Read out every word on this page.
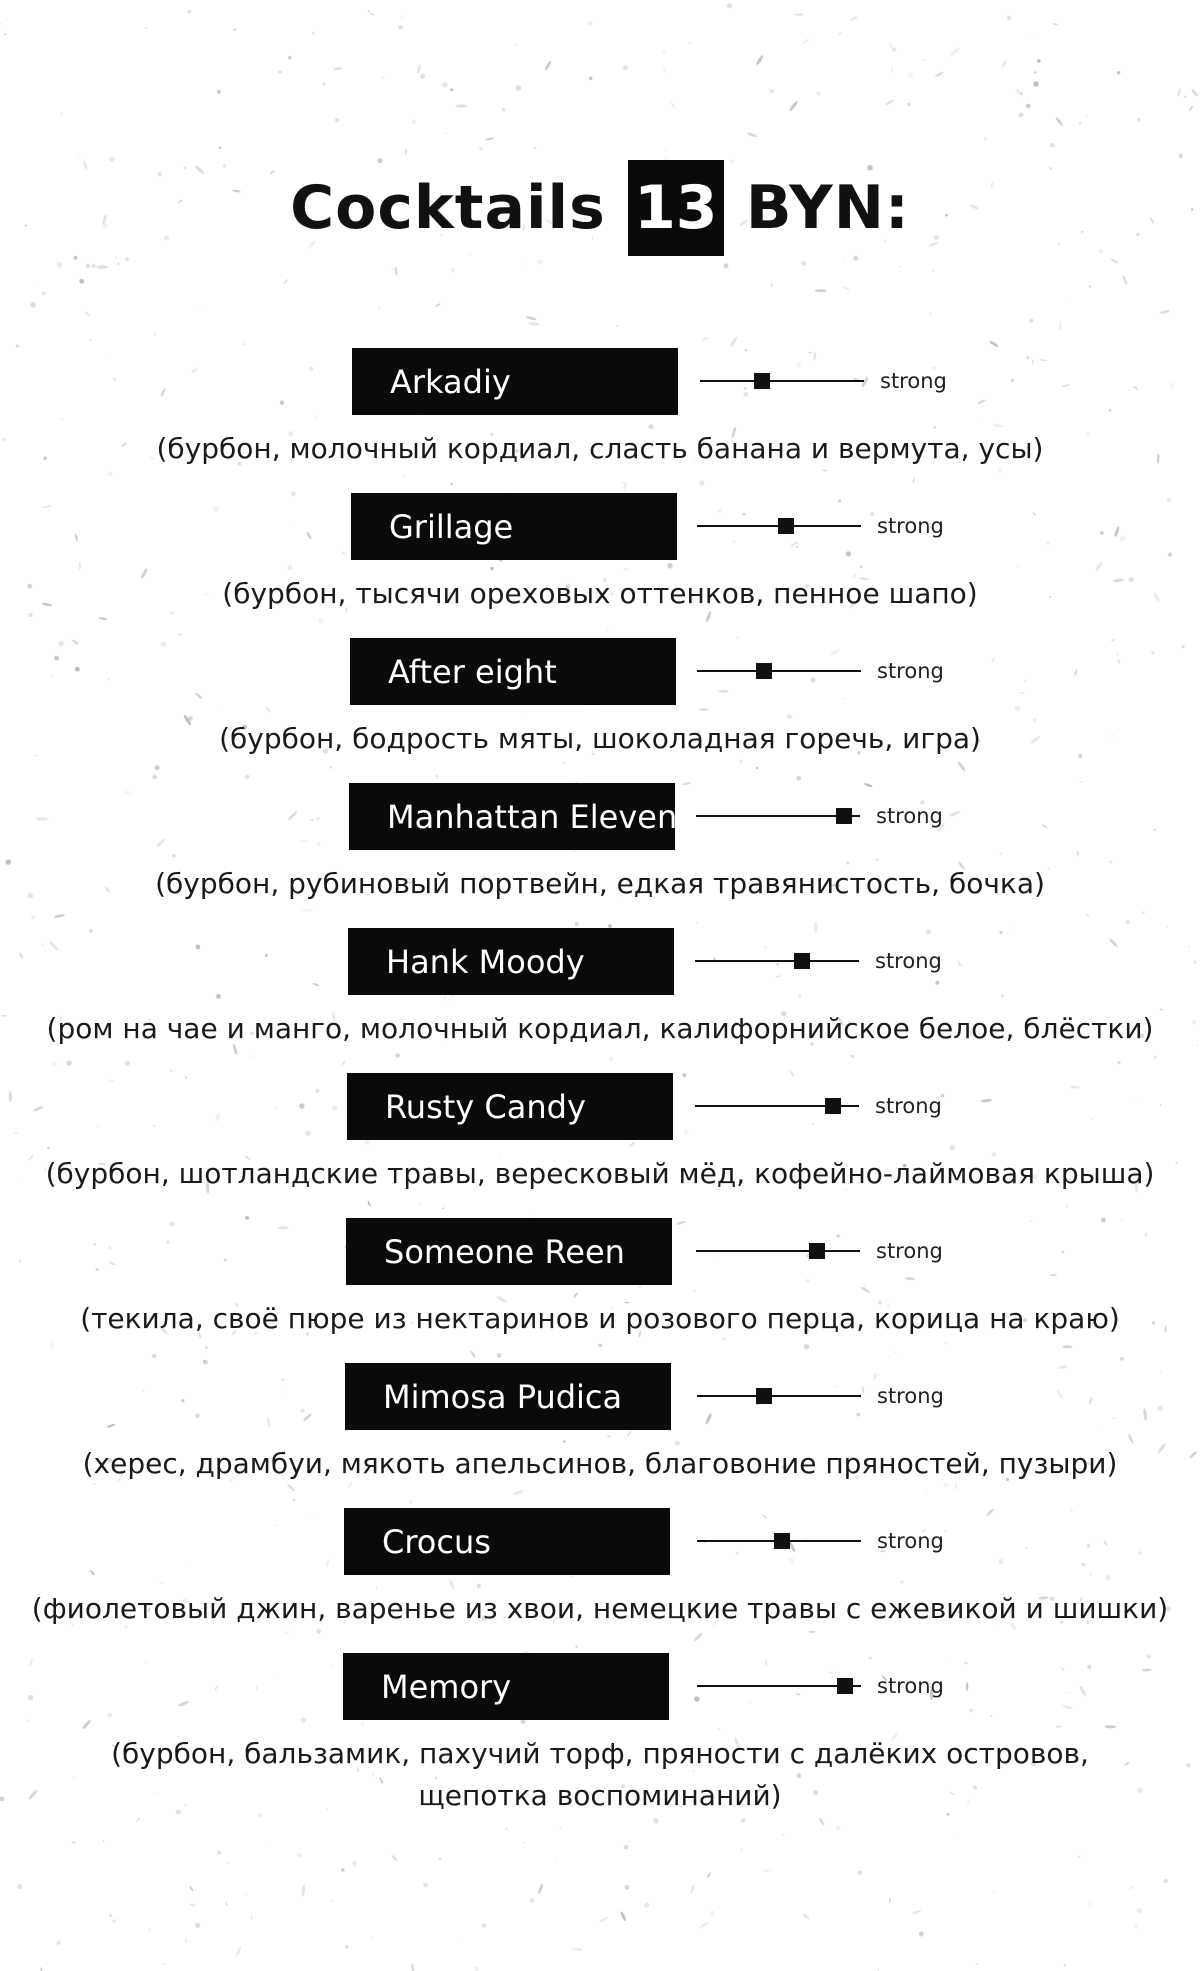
Cocktails 13 BYN:
Arkadiy	strong
(бурбон, молочный кордиал, сласть банана и вермута, усы)
Grillage	strong
(бурбон, тысячи ореховых оттенков, пенное шапо)
After eight	strong
(бурбон, бодрость мяты, шоколадная горечь, игра)
Manhattan Eleven	strong
(бурбон, рубиновый портвейн, едкая травянистость, бочка)
Hank Moody	strong
(ром на чае и манго, молочный кордиал, калифорнийское белое, блёстки)
Rusty Candy	strong
(бурбон, шотландские травы, вересковый мёд, кофейно-лаймовая крыша)
Someone Reen	strong
(текила, своё пюре из нектаринов и розового перца, корица на краю)
Mimosa Pudica	strong
(херес, драмбуи, мякоть апельсинов, благовоние пряностей, пузыри)
Crocus	strong
(фиолетовый джин, варенье из хвои, немецкие травы с ежевикой и шишки)
Memory	strong
(бурбон, бальзамик, пахучий торф, пряности с далёких островов,
щепотка воспоминаний)
